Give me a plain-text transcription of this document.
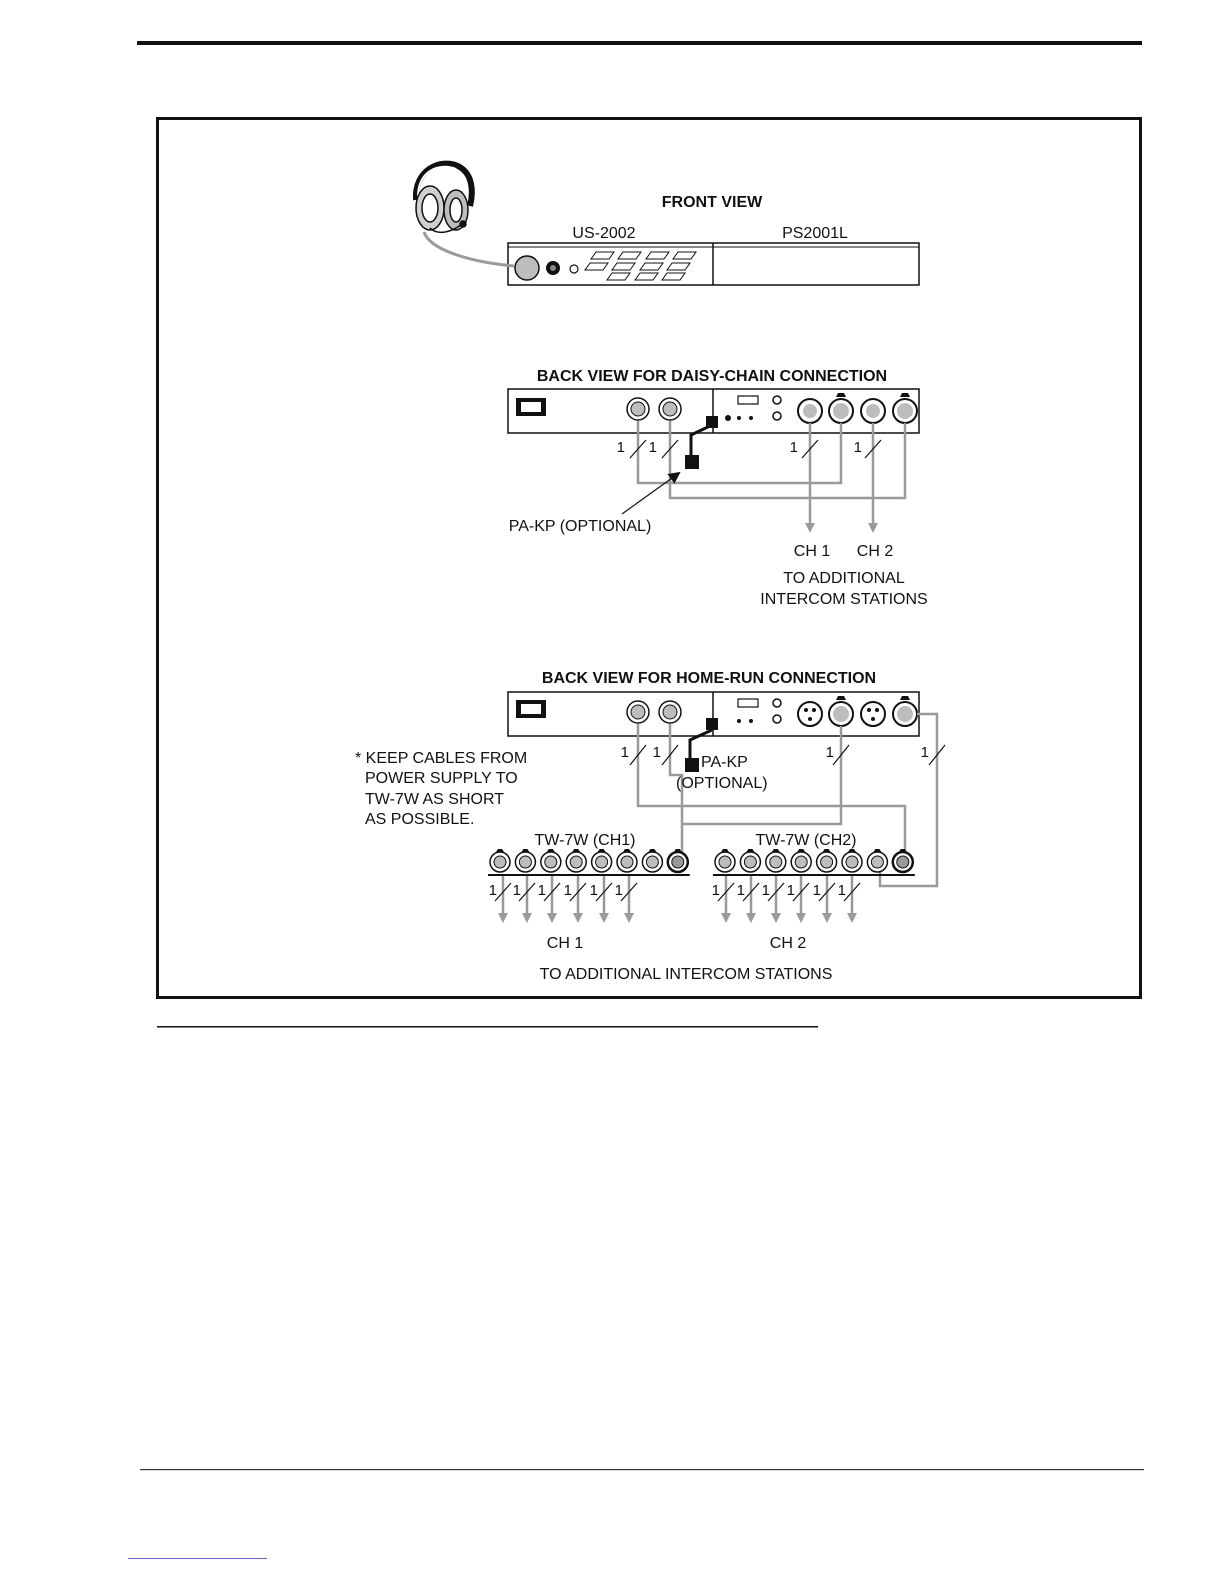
FRONT VIEW
US-2002	PS2001L
BACK VIEW FOR DAISY-CHAIN CONNECTION
1 1	1	1
PA-KP (OPTIONAL)
CH 1 CH 2
TO ADDITIONAL
INTERCOM STATIONS
BACK VIEW FOR HOME-RUN CONNECTION
1 1	1	1
PA-KP
(OPTIONAL)
* KEEP CABLES FROM
POWER SUPPLY TO
TW-7W AS SHORT
AS POSSIBLE.
TW-7W (CH1)	TW-7W (CH2)
1 1 1 1 1 1	1 1 1 1 1 1
CH 1	CH 2
TO ADDITIONAL INTERCOM STATIONS
